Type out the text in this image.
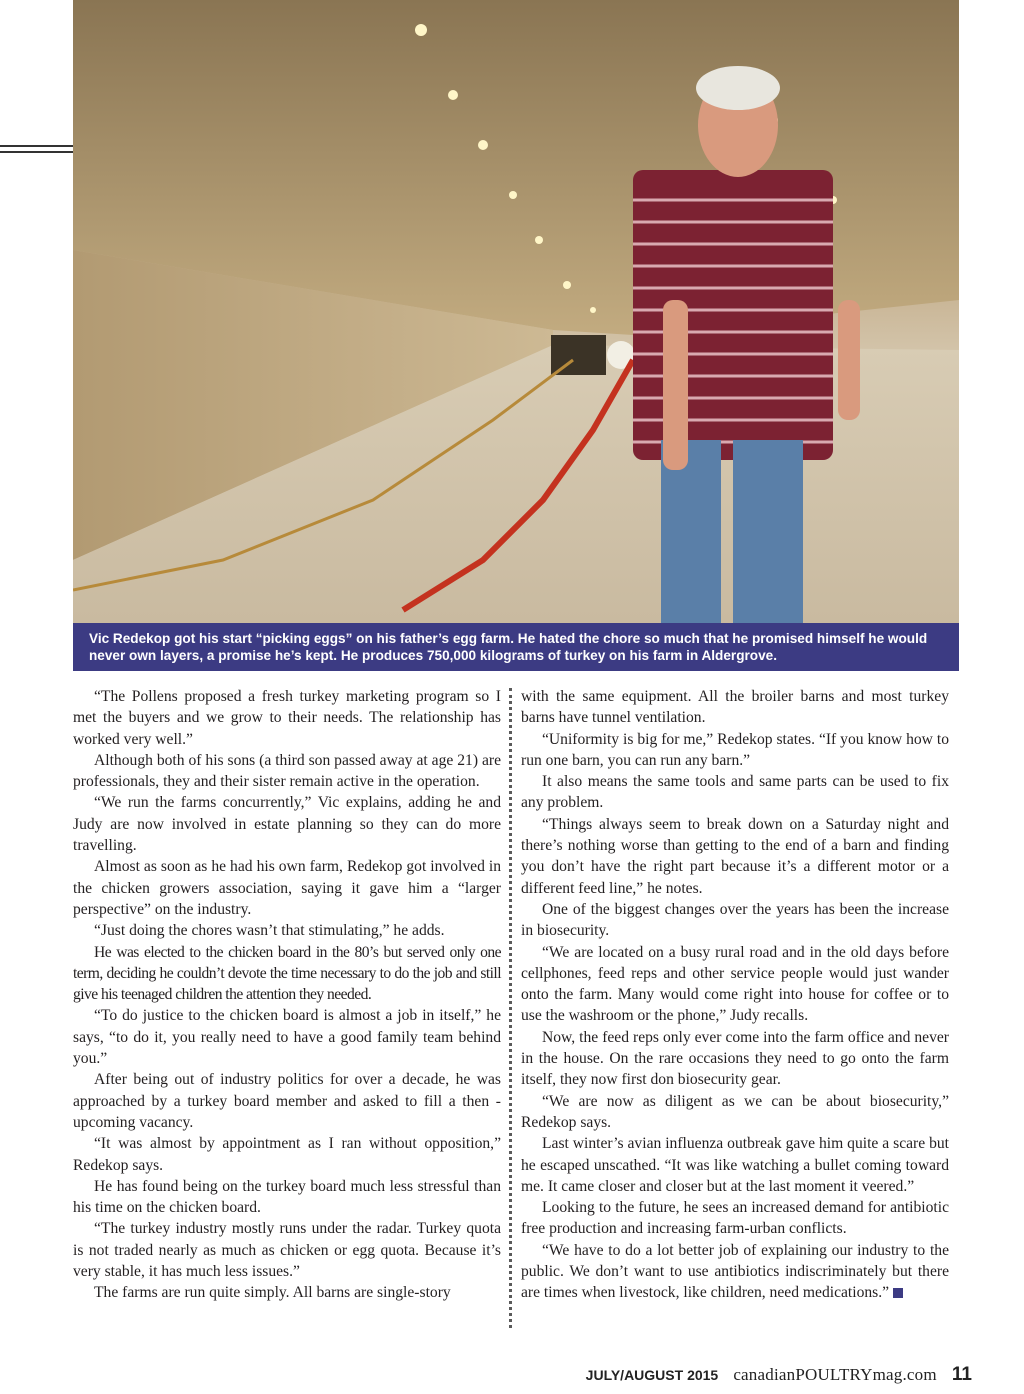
Vic Redekop got his start “picking eggs” on his father’s egg farm. He hated the chore so much that he promised himself he would never own layers, a promise he’s kept. He produces 750,000 kilograms of turkey on his farm in Aldergrove.

“The Pollens proposed a fresh turkey marketing program so I met the buyers and we grow to their needs. The relationship has worked very well.”

Although both of his sons (a third son passed away at age 21) are professionals, they and their sister remain active in the operation.

“We run the farms concurrently,” Vic explains, adding he and Judy are now involved in estate planning so they can do more travelling.

Almost as soon as he had his own farm, Redekop got involved in the chicken growers association, saying it gave him a “larger perspective” on the industry.

“Just doing the chores wasn’t that stimulating,” he adds.

He was elected to the chicken board in the 80’s but served only one term, deciding he couldn’t devote the time necessary to do the job and still give his teenaged children the attention they needed.

“To do justice to the chicken board is almost a job in itself,” he says, “to do it, you really need to have a good family team behind you.”

After being out of industry politics for over a decade, he was approached by a turkey board member and asked to fill a then -upcoming vacancy.

“It was almost by appointment as I ran without opposition,” Redekop says.

He has found being on the turkey board much less stressful than his time on the chicken board.

“The turkey industry mostly runs under the radar. Turkey quota is not traded nearly as much as chicken or egg quota. Because it’s very stable, it has much less issues.”

The farms are run quite simply. All barns are single-story

with the same equipment. All the broiler barns and most turkey barns have tunnel ventilation.

“Uniformity is big for me,” Redekop states. “If you know how to run one barn, you can run any barn.”

It also means the same tools and same parts can be used to fix any problem.

“Things always seem to break down on a Saturday night and there’s nothing worse than getting to the end of a barn and finding you don’t have the right part because it’s a different motor or a different feed line,” he notes.

One of the biggest changes over the years has been the increase in biosecurity.

“We are located on a busy rural road and in the old days before cellphones, feed reps and other service people would just wander onto the farm. Many would come right into house for coffee or to use the washroom or the phone,” Judy recalls.

Now, the feed reps only ever come into the farm office and never in the house. On the rare occasions they need to go onto the farm itself, they now first don biosecurity gear.

“We are now as diligent as we can be about biosecurity,” Redekop says.

Last winter’s avian influenza outbreak gave him quite a scare but he escaped unscathed. “It was like watching a bullet coming toward me. It came closer and closer but at the last moment it veered.”

Looking to the future, he sees an increased demand for antibiotic free production and increasing farm-urban conflicts.

“We have to do a lot better job of explaining our industry to the public. We don’t want to use antibiotics indiscriminately but there are times when livestock, like children, need medications.”

JULY/AUGUST 2015 canadianPOULTRYmag.com 11
